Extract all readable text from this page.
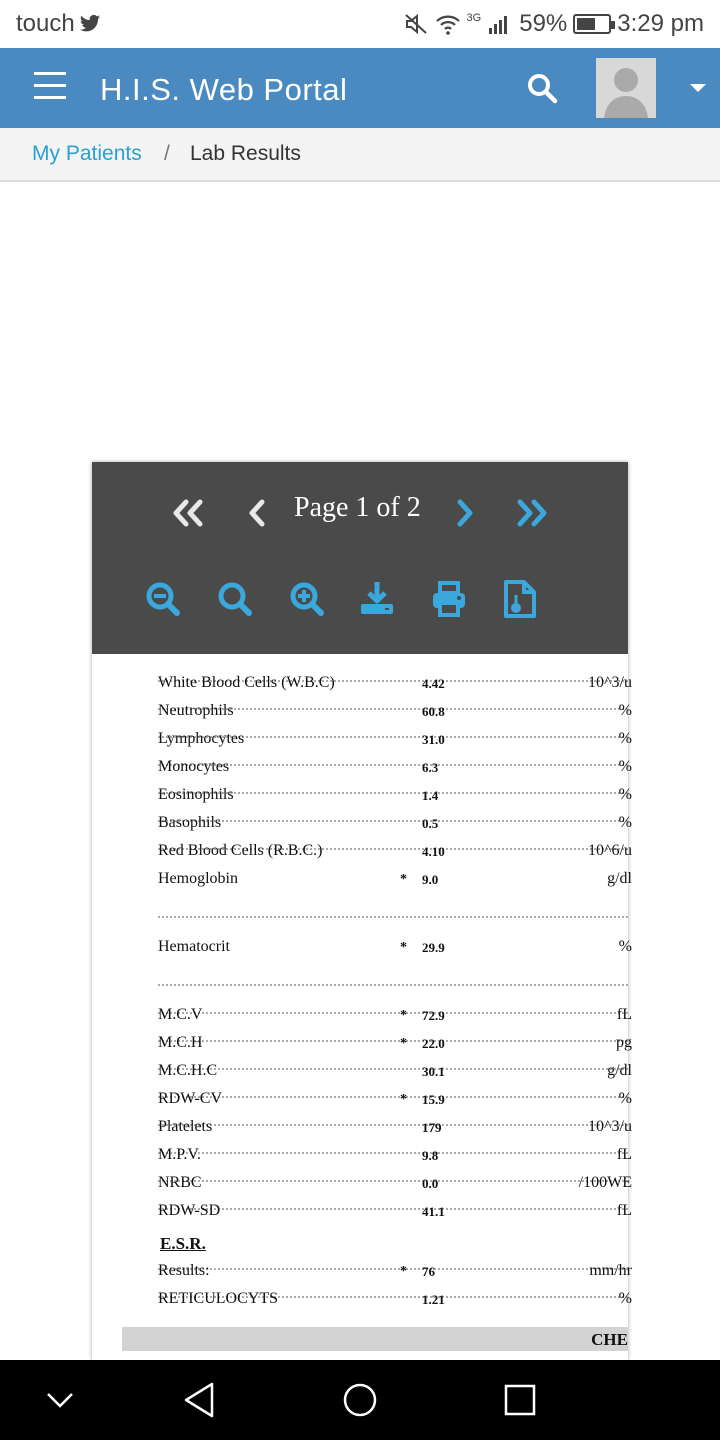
touch	3G 59% 3:29 pm
H.I.S. Web Portal
My Patients / Lab Results
Page 1 of 2
White Blood Cells (W.B.C)	4.42	10^3/u
Neutrophils	60.8	%
Lymphocytes	31.0	%
Monocytes	6.3	%
Eosinophils	1.4	%
Basophils	0.5	%
Red Blood Cells (R.B.C.)	4.10	10^6/u
Hemoglobin	* 9.0	g/dl
Hematocrit	* 29.9	%
M.C.V	* 72.9	fL
M.C.H	* 22.0	pg
M.C.H.C	30.1	g/dl
RDW-CV	* 15.9	%
Platelets	179	10^3/u
M.P.V.	9.8	fL
NRBC	0.0	/100WE
RDW-SD	41.1	fL
E.S.R.
Results:	* 76	mm/hr
RETICULOCYTS	1.21	%
CHE
